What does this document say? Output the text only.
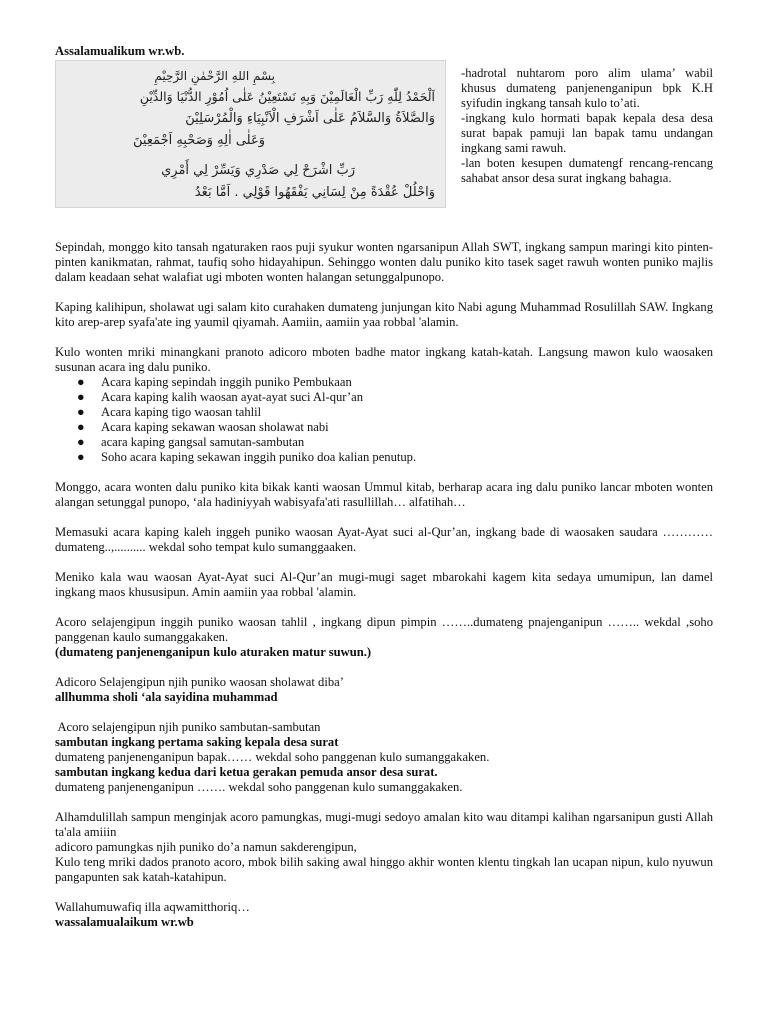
Assalamualikum wr.wb.

بِسْمِ اللهِ الرَّحْمٰنِ الرَّحِيْمِ
اَلْحَمْدُ لِلّٰهِ رَبِّ الْعَالَمِيْنَ وَبِهِ نَسْتَعِيْنُ عَلٰى اُمُوْرِ الدُّنْيَا وَالدِّيْنِ
وَالصَّلاَةُ وَالسَّلاَمُ عَلٰى اَشْرَفِ الْاَنْبِيَاءِ وَالْمُرْسَلِيْنَ
وَعَلٰى اٰلِهِ وَصَحْبِهِ اَجْمَعِيْنَ
رَبِّ اشْرَحْ لِي صَدْرِي وَيَسِّرْ لِي أَمْرِي
وَاحْلُلْ عُقْدَةً مِنْ لِسَانِي يَفْقَهُوا قَوْلِي . اَمَّا بَعْدُ

-hadrotal nuhtarom poro alim ulama’ wabil khusus dumateng panjenenganipun bpk K.H syifudin ingkang tansah kulo to’ati.

-ingkang kulo hormati bapak kepala desa desa surat bapak pamuji lan bapak tamu undangan ingkang sami rawuh.

-lan boten kesupen dumatengf rencang-rencang sahabat ansor desa surat ingkang bahagıa.

Sepindah, monggo kito tansah ngaturaken raos puji syukur wonten ngarsanipun Allah SWT, ingkang sampun maringi kito pinten-pinten kanikmatan, rahmat, taufiq soho hidayahipun. Sehinggo wonten dalu puniko kito tasek saget rawuh wonten puniko majlis dalam keadaan sehat walafiat ugi mboten wonten halangan setunggalpunopo.

Kaping kalihipun, sholawat ugi salam kito curahaken dumateng junjungan kito Nabi agung Muhammad Rosulillah SAW. Ingkang kito arep-arep syafa'ate ing yaumil qiyamah. Aamiin, aamiin yaa robbal 'alamin.

Kulo wonten mriki minangkani pranoto adicoro mboten badhe mator ingkang katah-katah. Langsung mawon kulo waosaken susunan acara ing dalu puniko.

● Acara kaping sepindah inggih puniko Pembukaan
● Acara kaping kalih waosan ayat-ayat suci Al-qur’an
● Acara kaping tigo waosan tahlil
● Acara kaping sekawan waosan sholawat nabi
● acara kaping gangsal samutan-sambutan
● Soho acara kaping sekawan inggih puniko doa kalian penutup.

Monggo, acara wonten dalu puniko kita bikak kanti waosan Ummul kitab, berharap acara ing dalu puniko lancar mboten wonten alangan setunggal punopo, ‘ala hadiniyyah wabisyafa'ati rasullillah… alfatihah…

Memasuki acara kaping kaleh inggeh puniko waosan Ayat-Ayat suci al-Qur’an, ingkang bade di waosaken saudara ………… dumateng..,.......... wekdal soho tempat kulo sumanggaaken.

Meniko kala wau waosan Ayat-Ayat suci Al-Qur’an mugi-mugi saget mbarokahi kagem kita sedaya umumipun, lan damel ingkang maos khususipun. Amin aamiin yaa robbal 'alamin.

Acoro selajengipun inggih puniko waosan tahlil , ingkang dipun pimpin ……..dumateng pnajenganipun …….. wekdal ,soho panggenan kaulo sumanggakaken.

(dumateng panjenenganipun kulo aturaken matur suwun.)

Adicoro Selajengipun njih puniko waosan sholawat diba’

allhumma sholi ‘ala sayidina muhammad

Acoro selajengipun njih puniko sambutan-sambutan

sambutan ingkang pertama saking kepala desa surat

dumateng panjenenganipun bapak…… wekdal soho panggenan kulo sumanggakaken.

sambutan ingkang kedua dari ketua gerakan pemuda ansor desa surat.

dumateng panjenenganipun ……. wekdal soho panggenan kulo sumanggakaken.

Alhamdulillah sampun menginjak acoro pamungkas, mugi-mugi sedoyo amalan kito wau ditampi kalihan ngarsanipun gusti Allah ta'ala amiiin

adicoro pamungkas njih puniko do’a namun sakderengipun,

Kulo teng mriki dados pranoto acoro, mbok bilih saking awal hinggo akhir wonten klentu tingkah lan ucapan nipun, kulo nyuwun pangapunten sak katah-katahipun.

Wallahumuwafiq illa aqwamitthoriq…

wassalamualaikum wr.wb
